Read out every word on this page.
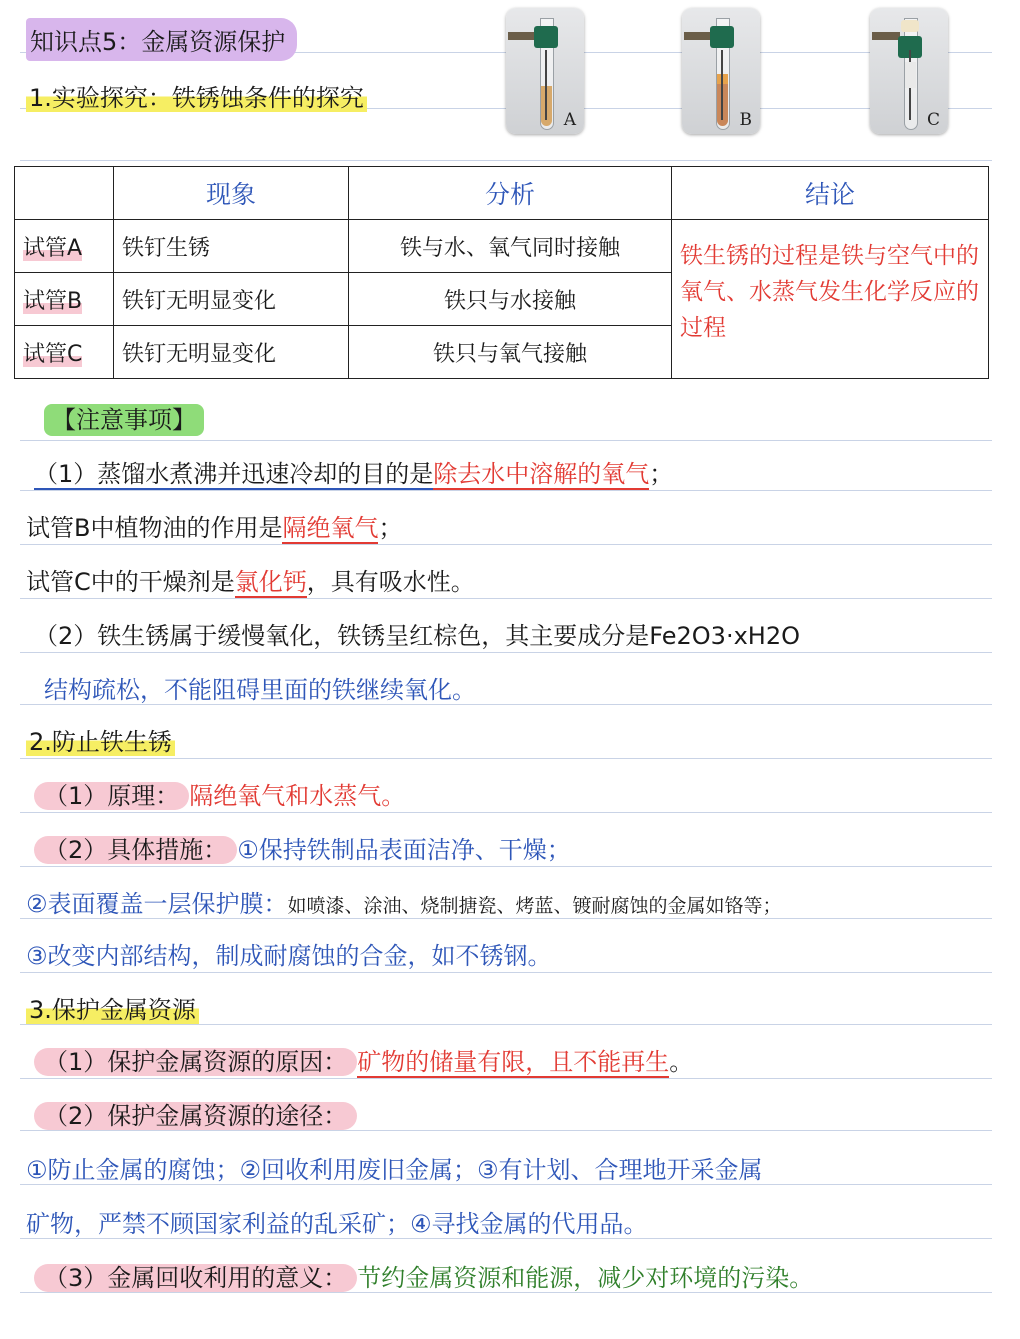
知识点5：金属资源保护
1.实验探究：铁锈蚀条件的探究
A	B	C
	现象	分析	结论
试管A	铁钉生锈	铁与水、氧气同时接触	铁生锈的过程是铁与空气中的氧气、水蒸气发生化学反应的过程
试管B	铁钉无明显变化	铁只与水接触	
试管C	铁钉无明显变化	铁只与氧气接触	
【注意事项】
（1）蒸馏水煮沸并迅速冷却的目的是除去水中溶解的氧气；
试管B中植物油的作用是隔绝氧气；
试管C中的干燥剂是氯化钙，具有吸水性。
（2）铁生锈属于缓慢氧化，铁锈呈红棕色，其主要成分是Fe2O3·xH2O
结构疏松，不能阻碍里面的铁继续氧化。
2.防止铁生锈
（1）原理： 隔绝氧气和水蒸气。
（2）具体措施： ①保持铁制品表面洁净、干燥；
②表面覆盖一层保护膜：如喷漆、涂油、烧制搪瓷、烤蓝、镀耐腐蚀的金属如铬等；
③改变内部结构，制成耐腐蚀的合金，如不锈钢。
3.保护金属资源
（1）保护金属资源的原因： 矿物的储量有限，且不能再生。
（2）保护金属资源的途径：
①防止金属的腐蚀；②回收利用废旧金属；③有计划、合理地开采金属
矿物，严禁不顾国家利益的乱采矿；④寻找金属的代用品。
（3）金属回收利用的意义： 节约金属资源和能源，减少对环境的污染。
